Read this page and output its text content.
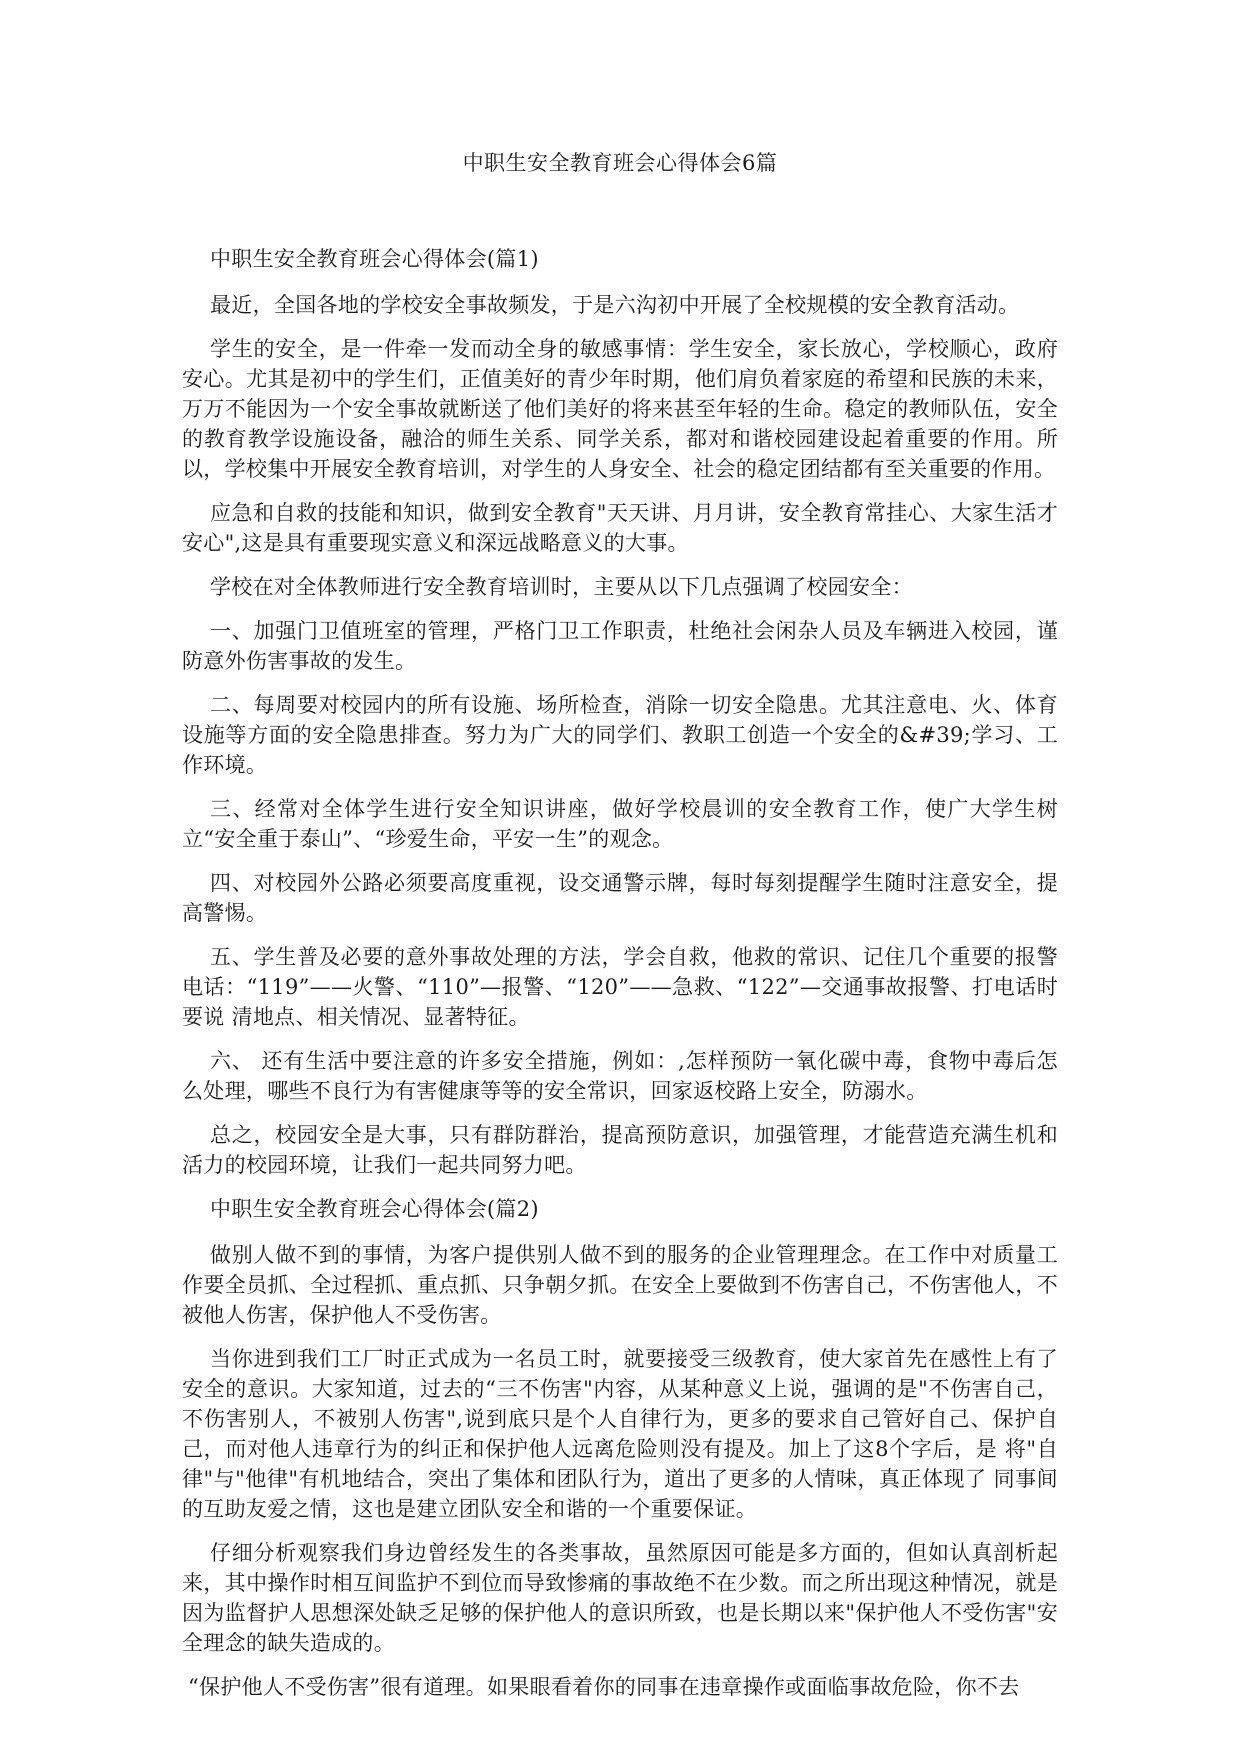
中职生安全教育班会心得体会6篇

中职生安全教育班会心得体会(篇1)

最近，全国各地的学校安全事故频发，于是六沟初中开展了全校规模的安全教育活动。

学生的安全，是一件牵一发而动全身的敏感事情：学生安全，家长放心，学校顺心，政府安心。尤其是初中的学生们，正值美好的青少年时期，他们肩负着家庭的希望和民族的未来，万万不能因为一个安全事故就断送了他们美好的将来甚至年轻的生命。稳定的教师队伍，安全的教育教学设施设备，融洽的师生关系、同学关系，都对和谐校园建设起着重要的作用。所以，学校集中开展安全教育培训，对学生的人身安全、社会的稳定团结都有至关重要的作用。

应急和自救的技能和知识，做到安全教育"天天讲、月月讲，安全教育常挂心、大家生活才安心",这是具有重要现实意义和深远战略意义的大事。

学校在对全体教师进行安全教育培训时，主要从以下几点强调了校园安全：

一、加强门卫值班室的管理，严格门卫工作职责，杜绝社会闲杂人员及车辆进入校园，谨防意外伤害事故的发生。

二、每周要对校园内的所有设施、场所检查，消除一切安全隐患。尤其注意电、火、体育设施等方面的安全隐患排查。努力为广大的同学们、教职工创造一个安全的&#39;学习、工作环境。

三、经常对全体学生进行安全知识讲座，做好学校晨训的安全教育工作，使广大学生树立“安全重于泰山”、“珍爱生命，平安一生”的观念。

四、对校园外公路必须要高度重视，设交通警示牌，每时每刻提醒学生随时注意安全，提高警惕。

五、学生普及必要的意外事故处理的方法，学会自救，他救的常识、记住几个重要的报警电话：“119”——火警、“110”—报警、“120”——急救、“122”—交通事故报警、打电话时要说 清地点、相关情况、显著特征。

六、 还有生活中要注意的许多安全措施，例如：,怎样预防一氧化碳中毒，食物中毒后怎 么处理，哪些不良行为有害健康等等的安全常识，回家返校路上安全，防溺水。

总之，校园安全是大事，只有群防群治，提高预防意识，加强管理，才能营造充满生机和活力的校园环境，让我们一起共同努力吧。

中职生安全教育班会心得体会(篇2)

做别人做不到的事情，为客户提供别人做不到的服务的企业管理理念。在工作中对质量工作要全员抓、全过程抓、重点抓、只争朝夕抓。在安全上要做到不伤害自己，不伤害他人，不被他人伤害，保护他人不受伤害。

当你进到我们工厂时正式成为一名员工时，就要接受三级教育，使大家首先在感性上有了安全的意识。大家知道，过去的“三不伤害"内容，从某种意义上说，强调的是"不伤害自己，不伤害别人，不被别人伤害",说到底只是个人自律行为，更多的要求自己管好自己、保护自己，而对他人违章行为的纠正和保护他人远离危险则没有提及。加上了这8个字后，是 将"自律"与"他律"有机地结合，突出了集体和团队行为，道出了更多的人情味，真正体现了 同事间的互助友爱之情，这也是建立团队安全和谐的一个重要保证。

仔细分析观察我们身边曾经发生的各类事故，虽然原因可能是多方面的，但如认真剖析起来，其中操作时相互间监护不到位而导致惨痛的事故绝不在少数。而之所出现这种情况，就是因为监督护人思想深处缺乏足够的保护他人的意识所致，也是长期以来"保护他人不受伤害"安全理念的缺失造成的。

“保护他人不受伤害”很有道理。如果眼看着你的同事在违章操作或面临事故危险，你不去
